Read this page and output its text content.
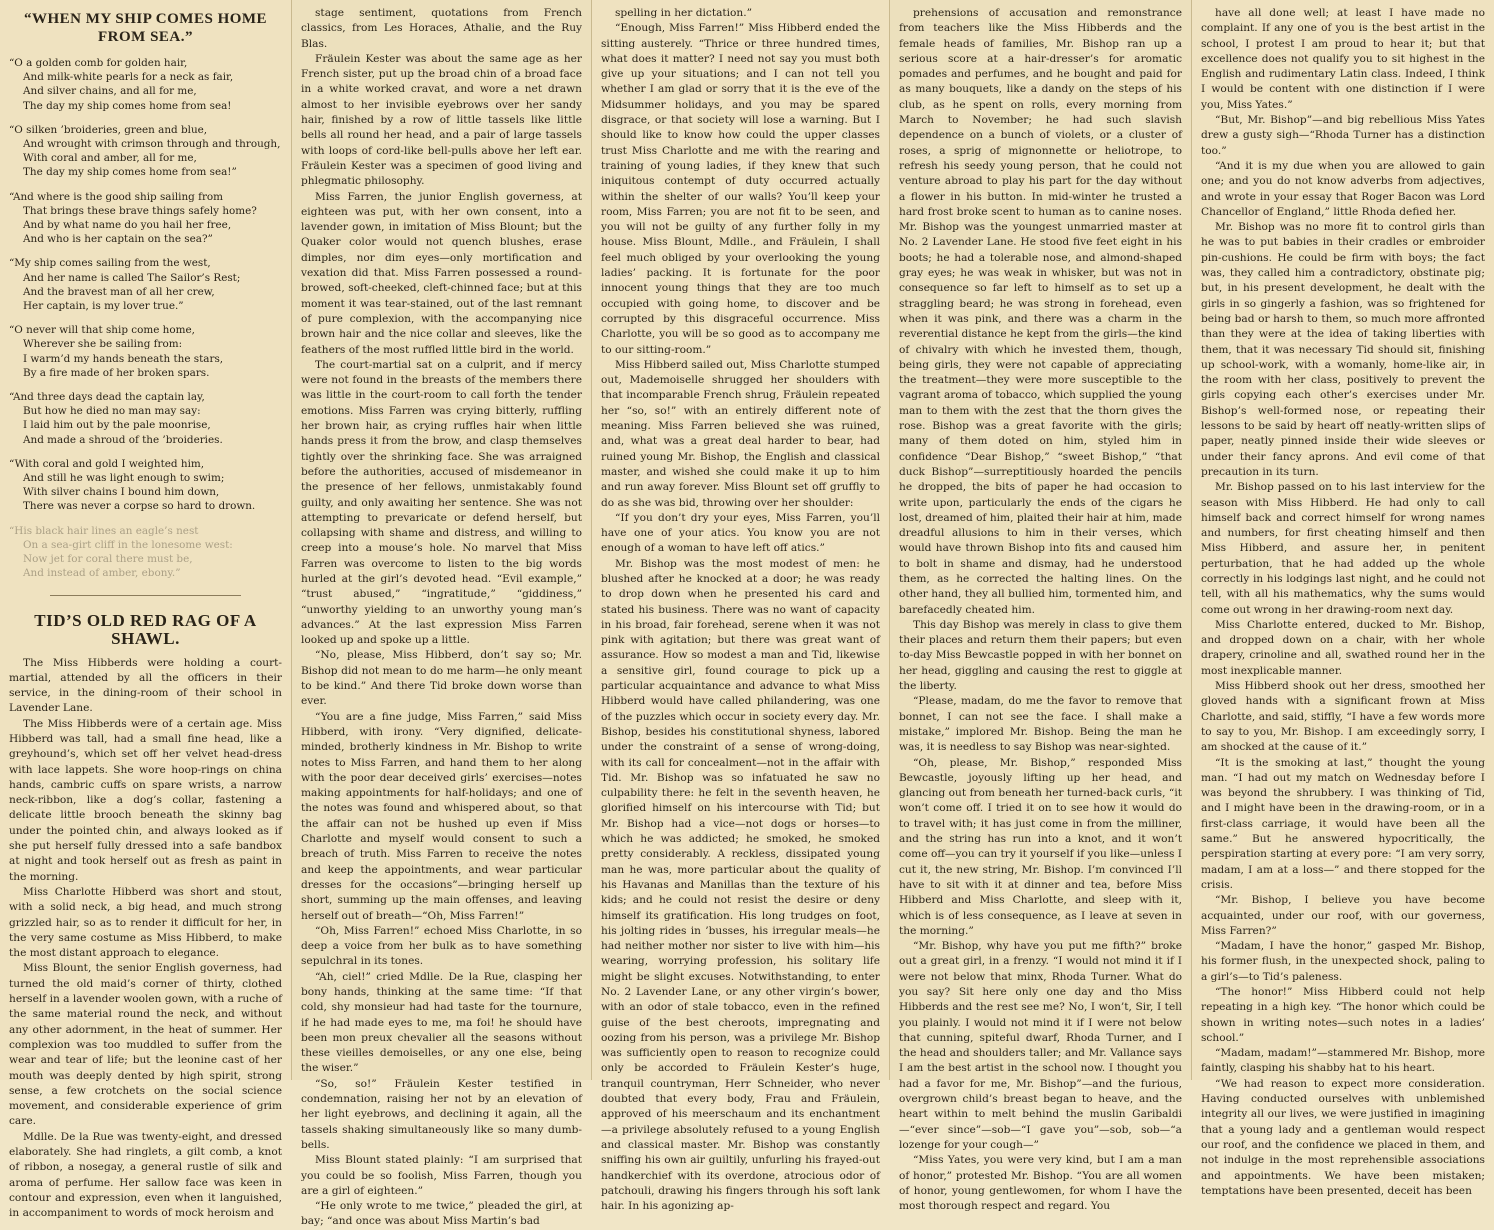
“WHEN MY SHIP COMES HOME FROM SEA.”
“O a golden comb for golden hair,
And milk-white pearls for a neck as fair,
And silver chains, and all for me,
The day my ship comes home from sea!
“O silken ’broideries, green and blue,
And wrought with crimson through and through,
With coral and amber, all for me,
The day my ship comes home from sea!”
“And where is the good ship sailing from
That brings these brave things safely home?
And by what name do you hail her free,
And who is her captain on the sea?”
“My ship comes sailing from the west,
And her name is called The Sailor’s Rest;
And the bravest man of all her crew,
Her captain, is my lover true.”
“O never will that ship come home,
Wherever she be sailing from:
I warm’d my hands beneath the stars,
By a fire made of her broken spars.
“And three days dead the captain lay,
But how he died no man may say:
I laid him out by the pale moonrise,
And made a shroud of the ’broideries.
“With coral and gold I weighted him,
And still he was light enough to swim;
With silver chains I bound him down,
There was never a corpse so hard to drown.
“His black hair lines an eagle’s nest
On a sea-girt cliff in the lonesome west:
Now jet for coral there must be,
And instead of amber, ebony.”
TID’S OLD RED RAG OF A SHAWL.

The Miss Hibberds were holding a court-martial, attended by all the officers in their service, in the dining-room of their school in Lavender Lane.

The Miss Hibberds were of a certain age. Miss Hibberd was tall, had a small fine head, like a greyhound’s, which set off her velvet head-dress with lace lappets. She wore hoop-rings on china hands, cambric cuffs on spare wrists, a narrow neck-ribbon, like a dog’s collar, fastening a delicate little brooch beneath the skinny bag under the pointed chin, and always looked as if she put herself fully dressed into a safe bandbox at night and took herself out as fresh as paint in the morning.

Miss Charlotte Hibberd was short and stout, with a solid neck, a big head, and much strong grizzled hair, so as to render it difficult for her, in the very same costume as Miss Hibberd, to make the most distant approach to elegance.

Miss Blount, the senior English governess, had turned the old maid’s corner of thirty, clothed herself in a lavender woolen gown, with a ruche of the same material round the neck, and without any other adornment, in the heat of summer. Her complexion was too muddled to suffer from the wear and tear of life; but the leonine cast of her mouth was deeply dented by high spirit, strong sense, a few crotchets on the social science movement, and considerable experience of grim care.

Mdlle. De la Rue was twenty-eight, and dressed elaborately. She had ringlets, a gilt comb, a knot of ribbon, a nosegay, a general rustle of silk and aroma of perfume. Her sallow face was keen in contour and expression, even when it languished, in accompaniment to words of mock heroism and

stage sentiment, quotations from French classics, from Les Horaces, Athalie, and the Ruy Blas.

Fräulein Kester was about the same age as her French sister, put up the broad chin of a broad face in a white worked cravat, and wore a net drawn almost to her invisible eyebrows over her sandy hair, finished by a row of little tassels like little bells all round her head, and a pair of large tassels with loops of cord-like bell-pulls above her left ear. Fräulein Kester was a specimen of good living and phlegmatic philosophy.

Miss Farren, the junior English governess, at eighteen was put, with her own consent, into a lavender gown, in imitation of Miss Blount; but the Quaker color would not quench blushes, erase dimples, nor dim eyes—only mortification and vexation did that. Miss Farren possessed a round-browed, soft-cheeked, cleft-chinned face; but at this moment it was tear-stained, out of the last remnant of pure complexion, with the accompanying nice brown hair and the nice collar and sleeves, like the feathers of the most ruffled little bird in the world.

The court-martial sat on a culprit, and if mercy were not found in the breasts of the members there was little in the court-room to call forth the tender emotions. Miss Farren was crying bitterly, ruffling her brown hair, as crying ruffles hair when little hands press it from the brow, and clasp themselves tightly over the shrinking face. She was arraigned before the authorities, accused of misdemeanor in the presence of her fellows, unmistakably found guilty, and only awaiting her sentence. She was not attempting to prevaricate or defend herself, but collapsing with shame and distress, and willing to creep into a mouse’s hole. No marvel that Miss Farren was overcome to listen to the big words hurled at the girl’s devoted head. “Evil example,” “trust abused,” “ingratitude,” “giddiness,” “unworthy yielding to an unworthy young man’s advances.” At the last expression Miss Farren looked up and spoke up a little.

“No, please, Miss Hibberd, don’t say so; Mr. Bishop did not mean to do me harm—he only meant to be kind.” And there Tid broke down worse than ever.

“You are a fine judge, Miss Farren,” said Miss Hibberd, with irony. “Very dignified, delicate-minded, brotherly kindness in Mr. Bishop to write notes to Miss Farren, and hand them to her along with the poor dear deceived girls’ exercises—notes making appointments for half-holidays; and one of the notes was found and whispered about, so that the affair can not be hushed up even if Miss Charlotte and myself would consent to such a breach of truth. Miss Farren to receive the notes and keep the appointments, and wear particular dresses for the occasions”—bringing herself up short, summing up the main offenses, and leaving herself out of breath—“Oh, Miss Farren!”

“Oh, Miss Farren!” echoed Miss Charlotte, in so deep a voice from her bulk as to have something sepulchral in its tones.

“Ah, ciel!” cried Mdlle. De la Rue, clasping her bony hands, thinking at the same time: “If that cold, shy monsieur had had taste for the tournure, if he had made eyes to me, ma foi! he should have been mon preux chevalier all the seasons without these vieilles demoiselles, or any one else, being the wiser.”

“So, so!” Fräulein Kester testified in condemnation, raising her not by an elevation of her light eyebrows, and declining it again, all the tassels shaking simultaneously like so many dumb-bells.

Miss Blount stated plainly: “I am surprised that you could be so foolish, Miss Farren, though you are a girl of eighteen.”

“He only wrote to me twice,” pleaded the girl, at bay; “and once was about Miss Martin’s bad

spelling in her dictation.”

“Enough, Miss Farren!” Miss Hibberd ended the sitting austerely. “Thrice or three hundred times, what does it matter? I need not say you must both give up your situations; and I can not tell you whether I am glad or sorry that it is the eve of the Midsummer holidays, and you may be spared disgrace, or that society will lose a warning. But I should like to know how could the upper classes trust Miss Charlotte and me with the rearing and training of young ladies, if they knew that such iniquitous contempt of duty occurred actually within the shelter of our walls? You’ll keep your room, Miss Farren; you are not fit to be seen, and you will not be guilty of any further folly in my house. Miss Blount, Mdlle., and Fräulein, I shall feel much obliged by your overlooking the young ladies’ packing. It is fortunate for the poor innocent young things that they are too much occupied with going home, to discover and be corrupted by this disgraceful occurrence. Miss Charlotte, you will be so good as to accompany me to our sitting-room.”

Miss Hibberd sailed out, Miss Charlotte stumped out, Mademoiselle shrugged her shoulders with that incomparable French shrug, Fräulein repeated her “so, so!” with an entirely different note of meaning. Miss Farren believed she was ruined, and, what was a great deal harder to bear, had ruined young Mr. Bishop, the English and classical master, and wished she could make it up to him and run away forever. Miss Blount set off gruffly to do as she was bid, throwing over her shoulder:

“If you don’t dry your eyes, Miss Farren, you’ll have one of your atics. You know you are not enough of a woman to have left off atics.”

Mr. Bishop was the most modest of men: he blushed after he knocked at a door; he was ready to drop down when he presented his card and stated his business. There was no want of capacity in his broad, fair forehead, serene when it was not pink with agitation; but there was great want of assurance. How so modest a man and Tid, likewise a sensitive girl, found courage to pick up a particular acquaintance and advance to what Miss Hibberd would have called philandering, was one of the puzzles which occur in society every day. Mr. Bishop, besides his constitutional shyness, labored under the constraint of a sense of wrong-doing, with its call for concealment—not in the affair with Tid. Mr. Bishop was so infatuated he saw no culpability there: he felt in the seventh heaven, he glorified himself on his intercourse with Tid; but Mr. Bishop had a vice—not dogs or horses—to which he was addicted; he smoked, he smoked pretty considerably. A reckless, dissipated young man he was, more particular about the quality of his Havanas and Manillas than the texture of his kids; and he could not resist the desire or deny himself its gratification. His long trudges on foot, his jolting rides in ’busses, his irregular meals—he had neither mother nor sister to live with him—his wearing, worrying profession, his solitary life might be slight excuses. Notwithstanding, to enter No. 2 Lavender Lane, or any other virgin’s bower, with an odor of stale tobacco, even in the refined guise of the best cheroots, impregnating and oozing from his person, was a privilege Mr. Bishop was sufficiently open to reason to recognize could only be accorded to Fräulein Kester’s huge, tranquil countryman, Herr Schneider, who never doubted that every body, Frau and Fräulein, approved of his meerschaum and its enchantment—a privilege absolutely refused to a young English and classical master. Mr. Bishop was constantly sniffing his own air guiltily, unfurling his frayed-out handkerchief with its overdone, atrocious odor of patchouli, drawing his fingers through his soft lank hair. In his agonizing ap-

prehensions of accusation and remonstrance from teachers like the Miss Hibberds and the female heads of families, Mr. Bishop ran up a serious score at a hair-dresser’s for aromatic pomades and perfumes, and he bought and paid for as many bouquets, like a dandy on the steps of his club, as he spent on rolls, every morning from March to November; he had such slavish dependence on a bunch of violets, or a cluster of roses, a sprig of mignonnette or heliotrope, to refresh his seedy young person, that he could not venture abroad to play his part for the day without a flower in his button. In mid-winter he trusted a hard frost broke scent to human as to canine noses. Mr. Bishop was the youngest unmarried master at No. 2 Lavender Lane. He stood five feet eight in his boots; he had a tolerable nose, and almond-shaped gray eyes; he was weak in whisker, but was not in consequence so far left to himself as to set up a straggling beard; he was strong in forehead, even when it was pink, and there was a charm in the reverential distance he kept from the girls—the kind of chivalry with which he invested them, though, being girls, they were not capable of appreciating the treatment—they were more susceptible to the vagrant aroma of tobacco, which supplied the young man to them with the zest that the thorn gives the rose. Bishop was a great favorite with the girls; many of them doted on him, styled him in confidence “Dear Bishop,” “sweet Bishop,” “that duck Bishop”—surreptitiously hoarded the pencils he dropped, the bits of paper he had occasion to write upon, particularly the ends of the cigars he lost, dreamed of him, plaited their hair at him, made dreadful allusions to him in their verses, which would have thrown Bishop into fits and caused him to bolt in shame and dismay, had he understood them, as he corrected the halting lines. On the other hand, they all bullied him, tormented him, and barefacedly cheated him.

This day Bishop was merely in class to give them their places and return them their papers; but even to-day Miss Bewcastle popped in with her bonnet on her head, giggling and causing the rest to giggle at the liberty.

“Please, madam, do me the favor to remove that bonnet, I can not see the face. I shall make a mistake,” implored Mr. Bishop. Being the man he was, it is needless to say Bishop was near-sighted.

“Oh, please, Mr. Bishop,” responded Miss Bewcastle, joyously lifting up her head, and glancing out from beneath her turned-back curls, “it won’t come off. I tried it on to see how it would do to travel with; it has just come in from the milliner, and the string has run into a knot, and it won’t come off—you can try it yourself if you like—unless I cut it, the new string, Mr. Bishop. I’m convinced I’ll have to sit with it at dinner and tea, before Miss Hibberd and Miss Charlotte, and sleep with it, which is of less consequence, as I leave at seven in the morning.”

“Mr. Bishop, why have you put me fifth?” broke out a great girl, in a frenzy. “I would not mind it if I were not below that minx, Rhoda Turner. What do you say? Sit here only one day and tho Miss Hibberds and the rest see me? No, I won’t, Sir, I tell you plainly. I would not mind it if I were not below that cunning, spiteful dwarf, Rhoda Turner, and I the head and shoulders taller; and Mr. Vallance says I am the best artist in the school now. I thought you had a favor for me, Mr. Bishop”—and the furious, overgrown child’s breast began to heave, and the heart within to melt behind the muslin Garibaldi—“ever since”—sob—“I gave you”—sob, sob—“a lozenge for your cough—”

“Miss Yates, you were very kind, but I am a man of honor,” protested Mr. Bishop. “You are all women of honor, young gentlewomen, for whom I have the most thorough respect and regard. You

have all done well; at least I have made no complaint. If any one of you is the best artist in the school, I protest I am proud to hear it; but that excellence does not qualify you to sit highest in the English and rudimentary Latin class. Indeed, I think I would be content with one distinction if I were you, Miss Yates.”

“But, Mr. Bishop”—and big rebellious Miss Yates drew a gusty sigh—“Rhoda Turner has a distinction too.”

“And it is my due when you are allowed to gain one; and you do not know adverbs from adjectives, and wrote in your essay that Roger Bacon was Lord Chancellor of England,” little Rhoda defied her.

Mr. Bishop was no more fit to control girls than he was to put babies in their cradles or embroider pin-cushions. He could be firm with boys; the fact was, they called him a contradictory, obstinate pig; but, in his present development, he dealt with the girls in so gingerly a fashion, was so frightened for being bad or harsh to them, so much more affronted than they were at the idea of taking liberties with them, that it was necessary Tid should sit, finishing up school-work, with a womanly, home-like air, in the room with her class, positively to prevent the girls copying each other’s exercises under Mr. Bishop’s well-formed nose, or repeating their lessons to be said by heart off neatly-written slips of paper, neatly pinned inside their wide sleeves or under their fancy aprons. And evil come of that precaution in its turn.

Mr. Bishop passed on to his last interview for the season with Miss Hibberd. He had only to call himself back and correct himself for wrong names and numbers, for first cheating himself and then Miss Hibberd, and assure her, in penitent perturbation, that he had added up the whole correctly in his lodgings last night, and he could not tell, with all his mathematics, why the sums would come out wrong in her drawing-room next day.

Miss Charlotte entered, ducked to Mr. Bishop, and dropped down on a chair, with her whole drapery, crinoline and all, swathed round her in the most inexplicable manner.

Miss Hibberd shook out her dress, smoothed her gloved hands with a significant frown at Miss Charlotte, and said, stiffly, “I have a few words more to say to you, Mr. Bishop. I am exceedingly sorry, I am shocked at the cause of it.”

“It is the smoking at last,” thought the young man. “I had out my match on Wednesday before I was beyond the shrubbery. I was thinking of Tid, and I might have been in the drawing-room, or in a first-class carriage, it would have been all the same.” But he answered hypocritically, the perspiration starting at every pore: “I am very sorry, madam, I am at a loss—” and there stopped for the crisis.

“Mr. Bishop, I believe you have become acquainted, under our roof, with our governess, Miss Farren?”

“Madam, I have the honor,” gasped Mr. Bishop, his former flush, in the unexpected shock, paling to a girl’s—to Tid’s paleness.

“The honor!” Miss Hibberd could not help repeating in a high key. “The honor which could be shown in writing notes—such notes in a ladies’ school.”

“Madam, madam!”—stammered Mr. Bishop, more faintly, clasping his shabby hat to his heart.

“We had reason to expect more consideration. Having conducted ourselves with unblemished integrity all our lives, we were justified in imagining that a young lady and a gentleman would respect our roof, and the confidence we placed in them, and not indulge in the most reprehensible associations and appointments. We have been mistaken; temptations have been presented, deceit has been
